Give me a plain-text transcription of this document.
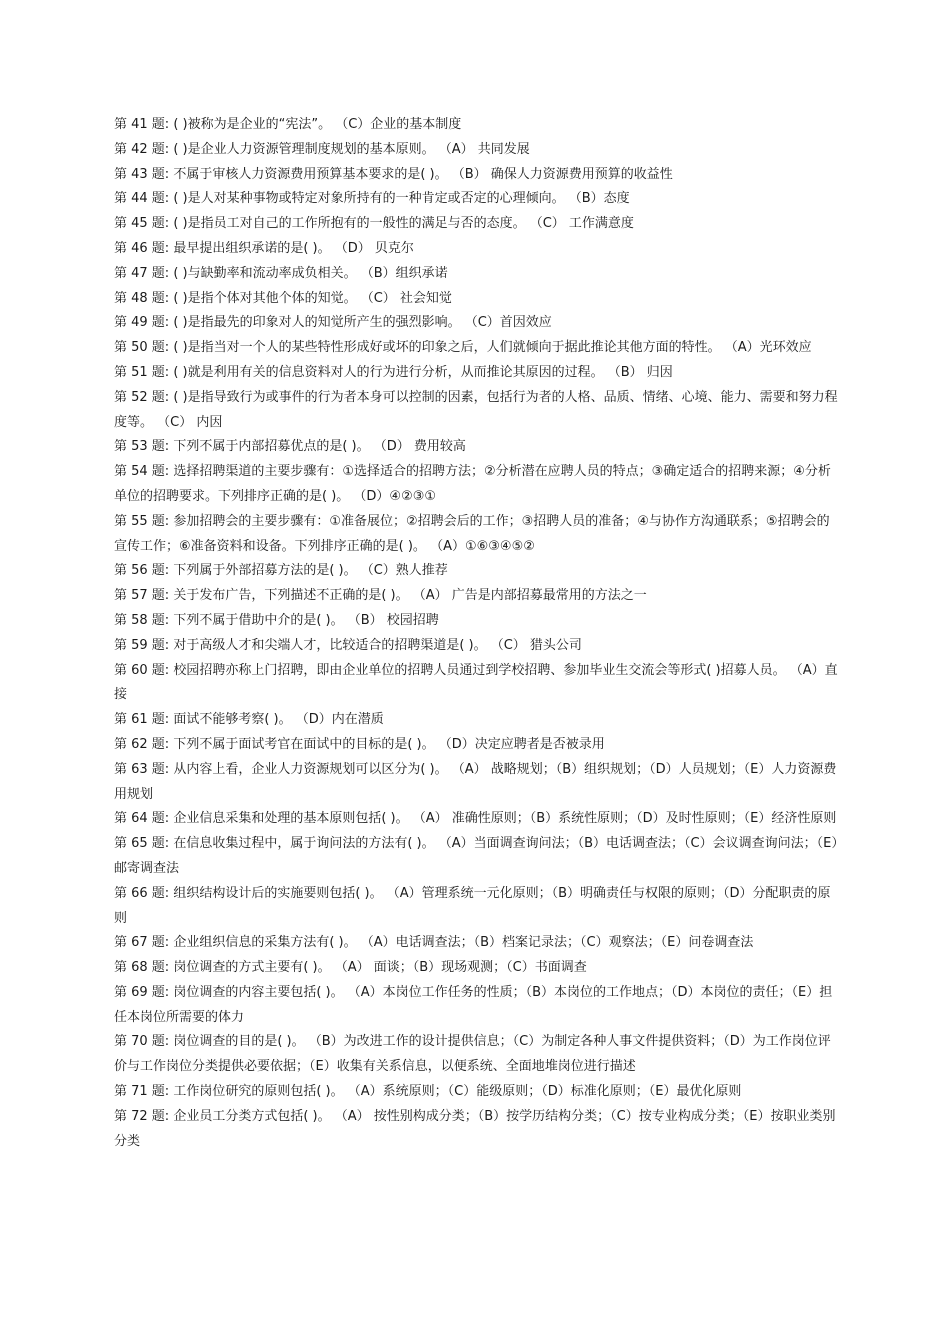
第 41 题: ( )被称为是企业的“宪法”。 （C）企业的基本制度

第 42 题: ( )是企业人力资源管理制度规划的基本原则。 （A） 共同发展

第 43 题: 不属于审核人力资源费用预算基本要求的是( )。 （B） 确保人力资源费用预算的收益性

第 44 题: ( )是人对某种事物或特定对象所持有的一种肯定或否定的心理倾向。 （B）态度

第 45 题: ( )是指员工对自己的工作所抱有的一般性的满足与否的态度。 （C） 工作满意度

第 46 题: 最早提出组织承诺的是( )。 （D） 贝克尔

第 47 题: ( )与缺勤率和流动率成负相关。 （B）组织承诺

第 48 题: ( )是指个体对其他个体的知觉。 （C） 社会知觉

第 49 题: ( )是指最先的印象对人的知觉所产生的强烈影响。 （C）首因效应

第 50 题: ( )是指当对一个人的某些特性形成好或坏的印象之后，人们就倾向于据此推论其他方面的特性。 （A）光环效应

第 51 题: ( )就是利用有关的信息资料对人的行为进行分析，从而推论其原因的过程。 （B） 归因

第 52 题: ( )是指导致行为或事件的行为者本身可以控制的因素，包括行为者的人格、品质、情绪、心境、能力、需要和努力程度等。 （C） 内因

第 53 题: 下列不属于内部招募优点的是( )。 （D） 费用较高

第 54 题: 选择招聘渠道的主要步骤有：①选择适合的招聘方法；②分析潜在应聘人员的特点；③确定适合的招聘来源；④分析单位的招聘要求。下列排序正确的是( )。 （D）④②③①

第 55 题: 参加招聘会的主要步骤有：①准备展位；②招聘会后的工作；③招聘人员的准备；④与协作方沟通联系；⑤招聘会的宣传工作；⑥准备资料和设备。下列排序正确的是( )。 （A）①⑥③④⑤②

第 56 题: 下列属于外部招募方法的是( )。 （C）熟人推荐

第 57 题: 关于发布广告，下列描述不正确的是( )。 （A） 广告是内部招募最常用的方法之一

第 58 题: 下列不属于借助中介的是( )。 （B） 校园招聘

第 59 题: 对于高级人才和尖端人才，比较适合的招聘渠道是( )。 （C） 猎头公司

第 60 题: 校园招聘亦称上门招聘，即由企业单位的招聘人员通过到学校招聘、参加毕业生交流会等形式( )招募人员。 （A）直接

第 61 题: 面试不能够考察( )。 （D）内在潜质

第 62 题: 下列不属于面试考官在面试中的目标的是( )。 （D）决定应聘者是否被录用

第 63 题: 从内容上看，企业人力资源规划可以区分为( )。 （A） 战略规划；（B）组织规划；（D）人员规划；（E）人力资源费用规划

第 64 题: 企业信息采集和处理的基本原则包括( )。 （A） 准确性原则；（B）系统性原则；（D）及时性原则；（E）经济性原则

第 65 题: 在信息收集过程中，属于询问法的方法有( )。 （A）当面调查询问法；（B）电话调查法；（C）会议调查询问法；（E）邮寄调查法

第 66 题: 组织结构设计后的实施要则包括( )。 （A）管理系统一元化原则；（B）明确责任与权限的原则；（D）分配职责的原则

第 67 题: 企业组织信息的采集方法有( )。 （A）电话调查法；（B）档案记录法；（C）观察法；（E）问卷调查法

第 68 题: 岗位调查的方式主要有( )。 （A） 面谈；（B）现场观测；（C）书面调查

第 69 题: 岗位调查的内容主要包括( )。 （A）本岗位工作任务的性质；（B）本岗位的工作地点；（D）本岗位的责任；（E）担任本岗位所需要的体力

第 70 题: 岗位调查的目的是( )。 （B）为改进工作的设计提供信息；（C）为制定各种人事文件提供资料；（D）为工作岗位评价与工作岗位分类提供必要依据；（E）收集有关系信息，以便系统、全面地堆岗位进行描述

第 71 题: 工作岗位研究的原则包括( )。 （A）系统原则；（C）能级原则；（D）标准化原则；（E）最优化原则

第 72 题: 企业员工分类方式包括( )。 （A） 按性别构成分类；（B）按学历结构分类；（C）按专业构成分类；（E）按职业类别分类
